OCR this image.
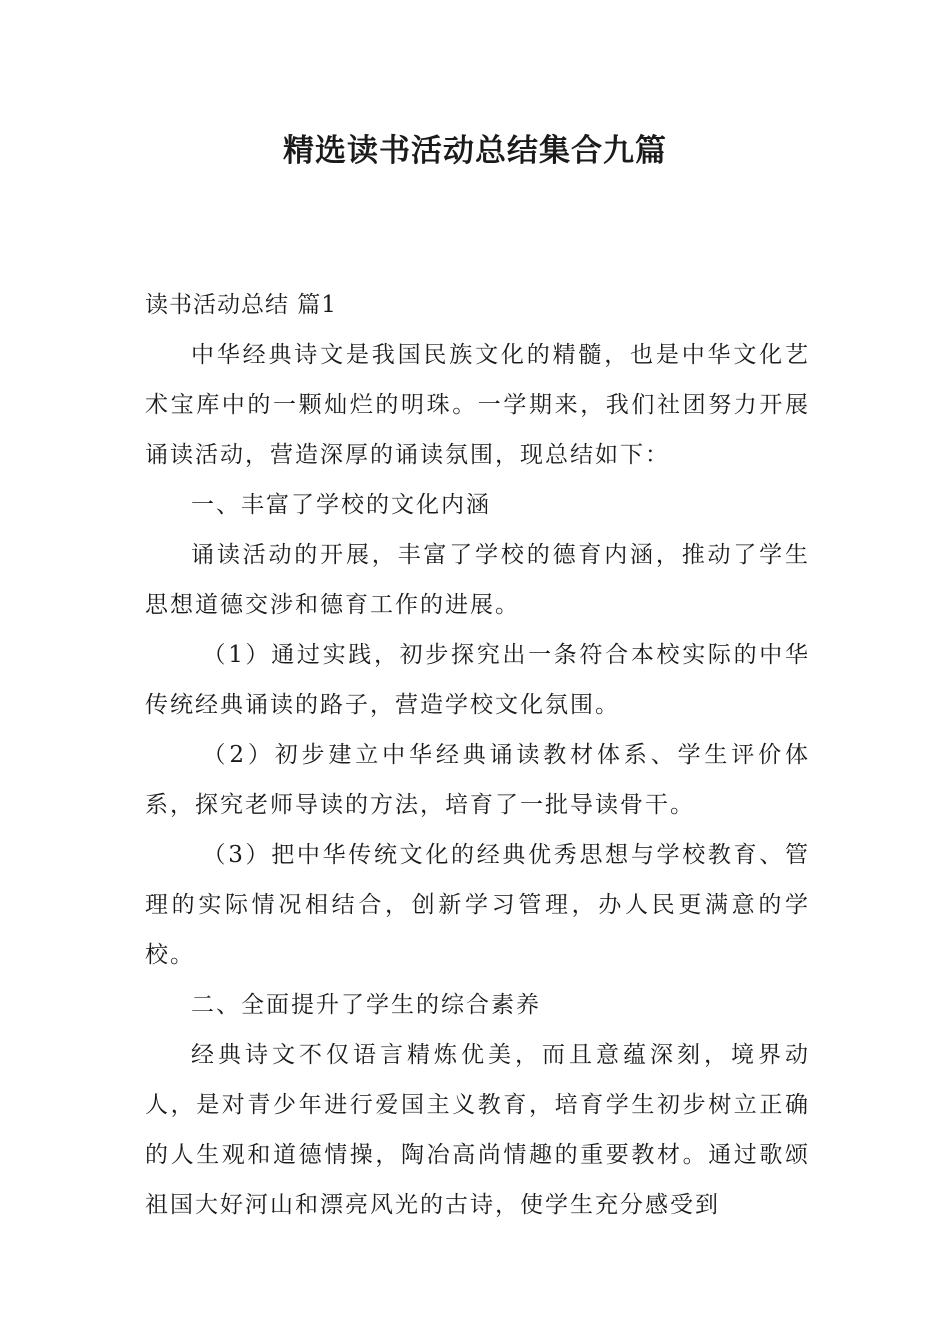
精选读书活动总结集合九篇

读书活动总结 篇1

中华经典诗文是我国民族文化的精髓，也是中华文化艺术宝库中的一颗灿烂的明珠。一学期来，我们社团努力开展诵读活动，营造深厚的诵读氛围，现总结如下：

一、丰富了学校的文化内涵

诵读活动的开展，丰富了学校的德育内涵，推动了学生思想道德交涉和德育工作的进展。

（1）通过实践，初步探究出一条符合本校实际的中华传统经典诵读的路子，营造学校文化氛围。

（2）初步建立中华经典诵读教材体系、学生评价体系，探究老师导读的方法，培育了一批导读骨干。

（3）把中华传统文化的经典优秀思想与学校教育、管理的实际情况相结合，创新学习管理，办人民更满意的学校。

二、全面提升了学生的综合素养

经典诗文不仅语言精炼优美，而且意蕴深刻，境界动人，是对青少年进行爱国主义教育，培育学生初步树立正确的人生观和道德情操，陶冶高尚情趣的重要教材。通过歌颂祖国大好河山和漂亮风光的古诗，使学生充分感受到
